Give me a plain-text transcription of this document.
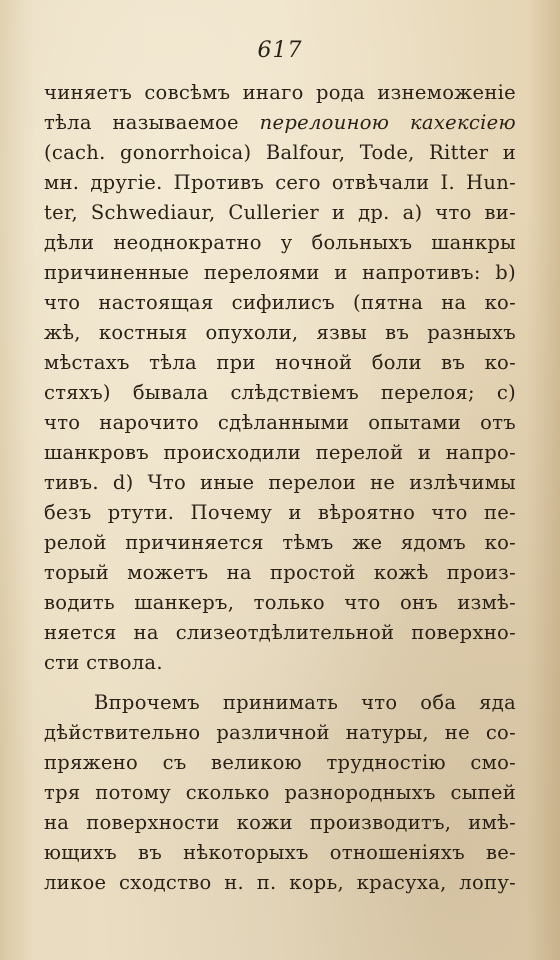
617
чиняетъ совсѣмъ инаго рода изнеможеніе
тѣла называемое перелоиною кахексіею
(cach. gonorrhoica) Balfour, Tode, Ritter и
мн. другіе. Противъ сего отвѣчали I. Hun-
ter, Schwediaur, Cullerier и др. а) что ви-
дѣли неоднократно у больныхъ шанкры
причиненные перелоями и напротивъ: b)
что настоящая сифилисъ (пятна на ко-
жѣ, костныя опухоли, язвы въ разныхъ
мѣстахъ тѣла при ночной боли въ ко-
стяхъ) бывала слѣдствіемъ перелоя; с)
что нарочито сдѣланными опытами отъ
шанкровъ происходили перелой и напро-
тивъ. d) Что иные перелои не излѣчимы
безъ ртути. Почему и вѣроятно что пе-
релой причиняется тѣмъ же ядомъ ко-
торый можетъ на простой кожѣ произ-
водить шанкеръ, только что онъ измѣ-
няется на слизеотдѣлительной поверхно-
сти ствола.
Впрочемъ принимать что оба яда
дѣйствительно различной натуры, не со-
пряжено съ великою трудностію смо-
тря потому сколько разнородныхъ сыпей
на поверхности кожи производитъ, имѣ-
ющихъ въ нѣкоторыхъ отношеніяхъ ве-
ликое сходство н. п. корь, красуха, лопу-
